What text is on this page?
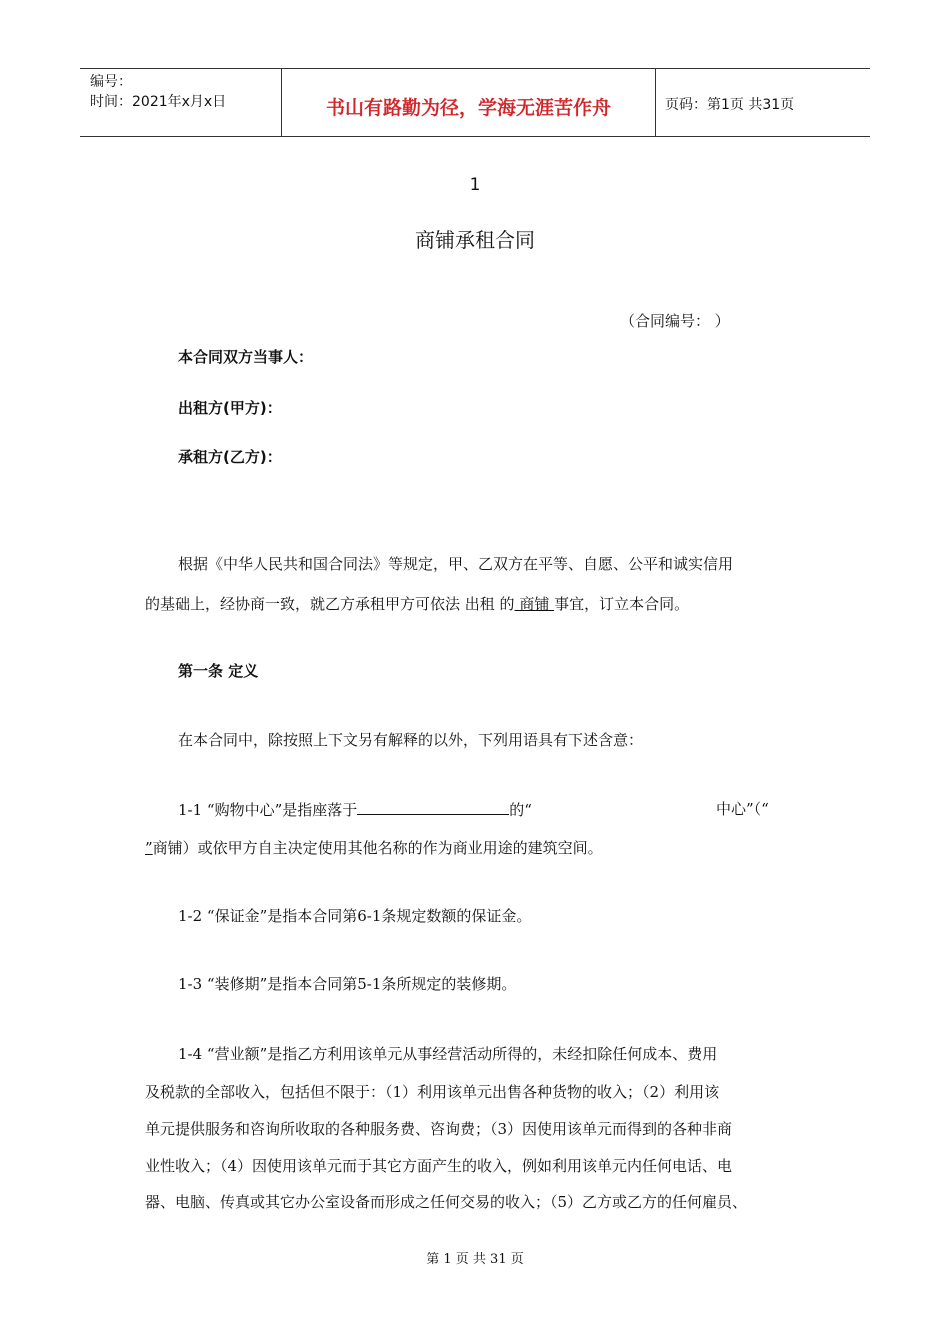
编号：
时间：2021年x月x日	书山有路勤为径，学海无涯苦作舟	页码：第1页 共31页
1
商铺承租合同
（合同编号： ）
本合同双方当事人：
出租方(甲方)：
承租方(乙方)：
根据《中华人民共和国合同法》等规定，甲、乙双方在平等、自愿、公平和诚实信用
的基础上，经协商一致，就乙方承租甲方可依法 出租 的 商铺 事宜，订立本合同。
第一条 定义
在本合同中，除按照上下文另有解释的以外，下列用语具有下述含意：
1-1 “购物中心”是指座落于	的“	中心”（“
”商铺）或依甲方自主决定使用其他名称的作为商业用途的建筑空间。
1-2 “保证金”是指本合同第6-1条规定数额的保证金。
1-3 “装修期”是指本合同第5-1条所规定的装修期。
1-4 “营业额”是指乙方利用该单元从事经营活动所得的，未经扣除任何成本、费用
及税款的全部收入，包括但不限于：（1）利用该单元出售各种货物的收入；（2）利用该
单元提供服务和咨询所收取的各种服务费、咨询费；（3）因使用该单元而得到的各种非商
业性收入；（4）因使用该单元而于其它方面产生的收入，例如利用该单元内任何电话、电
器、电脑、传真或其它办公室设备而形成之任何交易的收入；（5）乙方或乙方的任何雇员、
第 1 页 共 31 页
